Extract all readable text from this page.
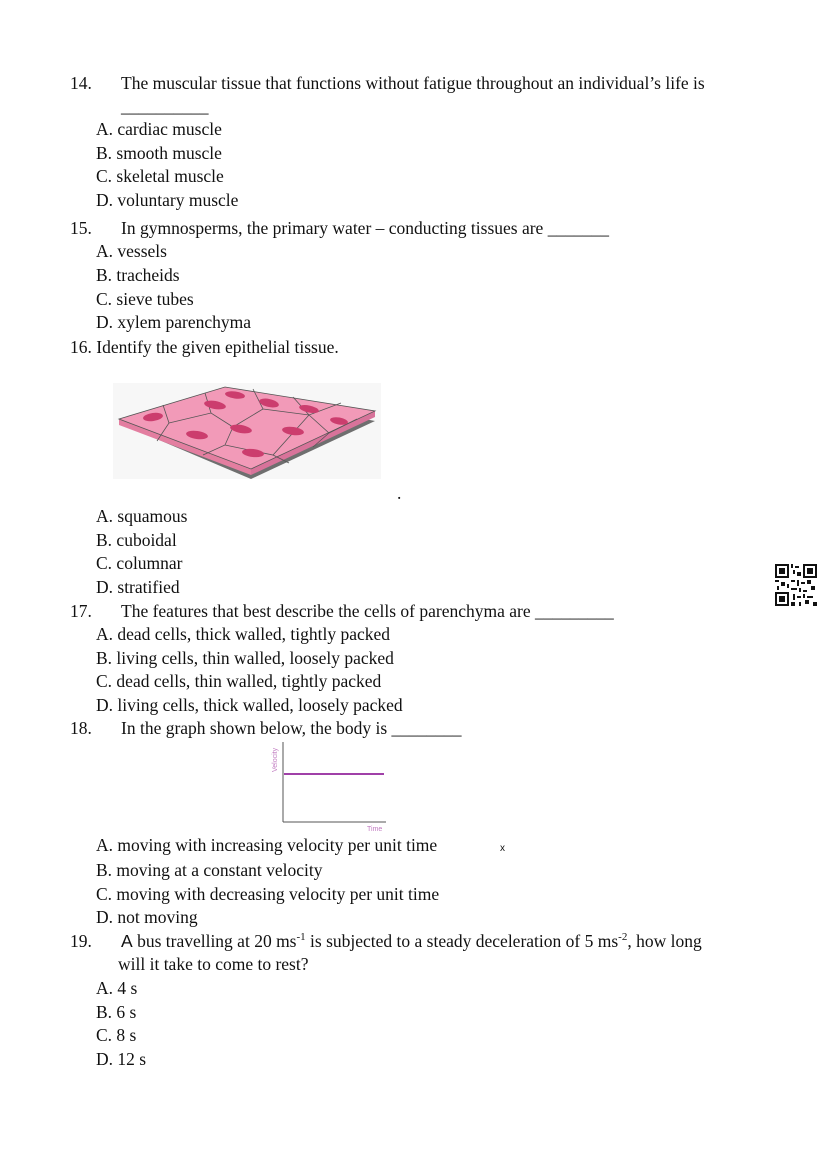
14. The muscular tissue that functions without fatigue throughout an individual’s life is
__________
A. cardiac muscle
B. smooth muscle
C. skeletal muscle
D. voluntary muscle
15. In gymnosperms, the primary water – conducting tissues are _______
A. vessels
B. tracheids
C. sieve tubes
D. xylem parenchyma
16. Identify the given epithelial tissue.
.
A. squamous
B. cuboidal
C. columnar
D. stratified
17. The features that best describe the cells of parenchyma are _________
A. dead cells, thick walled, tightly packed
B. living cells, thin walled, loosely packed
C. dead cells, thin walled, tightly packed
D. living cells, thick walled, loosely packed
18. In the graph shown below, the body is ________
Velocity
Time
A. moving with increasing velocity per unit time	x
B. moving at a constant velocity
C. moving with decreasing velocity per unit time
D. not moving
19. A bus travelling at 20 $ms^{-1}$ is subjected to a steady deceleration of 5 $ms^{-2}$, how long
will it take to come to rest?
A. 4 s
B. 6 s
C. 8 s
D. 12 s
